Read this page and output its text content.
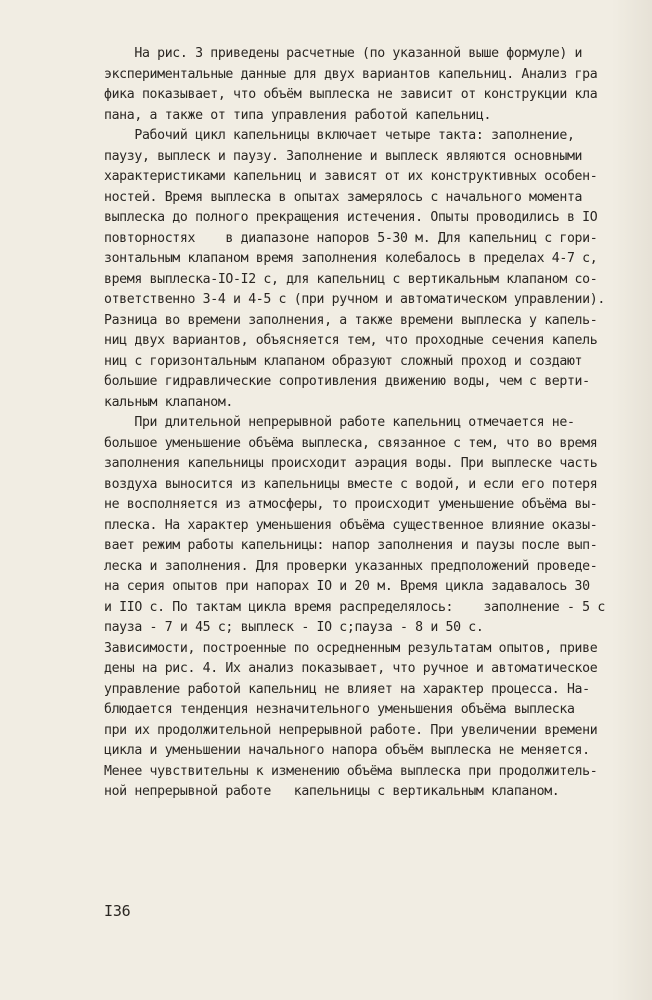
На рис. 3 приведены расчетные (по указанной выше формуле) и
экспериментальные данные для двух вариантов капельниц. Анализ гра
фика показывает, что объём выплеска не зависит от конструкции кла
пана, а также от типа управления работой капельниц.
Рабочий цикл капельницы включает четыре такта: заполнение,
паузу, выплеск и паузу. Заполнение и выплеск являются основными
характеристиками капельниц и зависят от их конструктивных особен-
ностей. Время выплеска в опытах замерялось с начального момента
выплеска до полного прекращения истечения. Опыты проводились в IO
повторностях    в диапазоне напоров 5-30 м. Для капельниц с гори-
зонтальным клапаном время заполнения колебалось в пределах 4-7 с,
время выплеска-IO-I2 с, для капельниц с вертикальным клапаном со-
ответственно 3-4 и 4-5 с (при ручном и автоматическом управлении).
Разница во времени заполнения, а также времени выплеска у капель-
ниц двух вариантов, объясняется тем, что проходные сечения капель
ниц с горизонтальным клапаном образуют сложный проход и создают
большие гидравлические сопротивления движению воды, чем с верти-
кальным клапаном.
При длительной непрерывной работе капельниц отмечается не-
большое уменьшение объёма выплеска, связанное с тем, что во время
заполнения капельницы происходит аэрация воды. При выплеске часть
воздуха выносится из капельницы вместе с водой, и если его потеря
не восполняется из атмосферы, то происходит уменьшение объёма вы-
плеска. На характер уменьшения объёма существенное влияние оказы-
вает режим работы капельницы: напор заполнения и паузы после вып-
леска и заполнения. Для проверки указанных предположений проведе-
на серия опытов при напорах IO и 20 м. Время цикла задавалось 30
и IIO с. По тактам цикла время распределялось:    заполнение - 5 с
пауза - 7 и 45 с; выплеск - IO с;пауза - 8 и 50 с.
Зависимости, построенные по осредненным результатам опытов, приве
дены на рис. 4. Их анализ показывает, что ручное и автоматическое
управление работой капельниц не влияет на характер процесса. На-
блюдается тенденция незначительного уменьшения объёма выплеска
при их продолжительной непрерывной работе. При увеличении времени
цикла и уменьшении начального напора объём выплеска не меняется.
Менее чувствительны к изменению объёма выплеска при продолжитель-
ной непрерывной работе   капельницы с вертикальным клапаном.
I36
